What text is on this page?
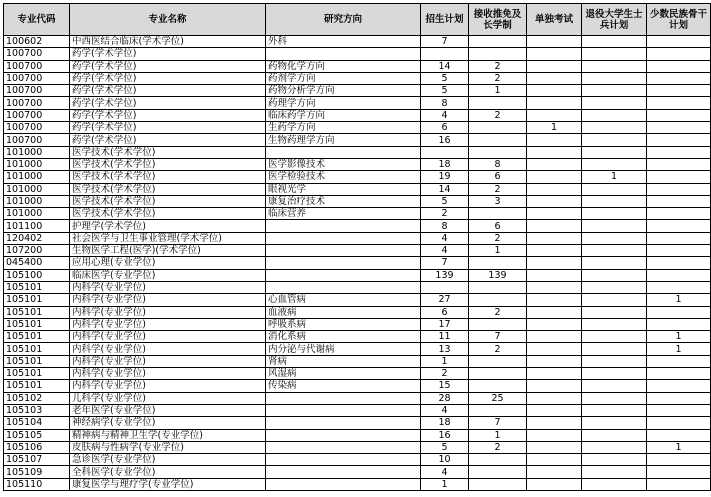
专业代码	专业名称	研究方向	招生计划	接收推免及长学制	单独考试	退役大学生士兵计划	少数民族骨干计划
100602	中西医结合临床(学术学位)	外科	7				
100700	药学(学术学位)						
100700	药学(学术学位)	药物化学方向	14	2			
100700	药学(学术学位)	药剂学方向	5	2			
100700	药学(学术学位)	药物分析学方向	5	1			
100700	药学(学术学位)	药理学方向	8				
100700	药学(学术学位)	临床药学方向	4	2			
100700	药学(学术学位)	生药学方向	6		1		
100700	药学(学术学位)	生物药理学方向	16				
101000	医学技术(学术学位)						
101000	医学技术(学术学位)	医学影像技术	18	8			
101000	医学技术(学术学位)	医学检验技术	19	6		1	
101000	医学技术(学术学位)	眼视光学	14	2			
101000	医学技术(学术学位)	康复治疗技术	5	3			
101000	医学技术(学术学位)	临床营养	2				
101100	护理学(学术学位)		8	6			
120402	社会医学与卫生事业管理(学术学位)		4	2			
107200	生物医学工程(医学)(学术学位)		4	1			
045400	应用心理(专业学位)		7				
105100	临床医学(专业学位)		139	139			
105101	内科学(专业学位)						
105101	内科学(专业学位)	心血管病	27				1
105101	内科学(专业学位)	血液病	6	2			
105101	内科学(专业学位)	呼吸系病	17				
105101	内科学(专业学位)	消化系病	11	7			1
105101	内科学(专业学位)	内分泌与代谢病	13	2			1
105101	内科学(专业学位)	肾病	1				
105101	内科学(专业学位)	风湿病	2				
105101	内科学(专业学位)	传染病	15				
105102	儿科学(专业学位)		28	25			
105103	老年医学(专业学位)		4				
105104	神经病学(专业学位)		18	7			
105105	精神病与精神卫生学(专业学位)		16	1			
105106	皮肤病与性病学(专业学位)		5	2			1
105107	急诊医学(专业学位)		10				
105109	全科医学(专业学位)		4				
105110	康复医学与理疗学(专业学位)		1				
